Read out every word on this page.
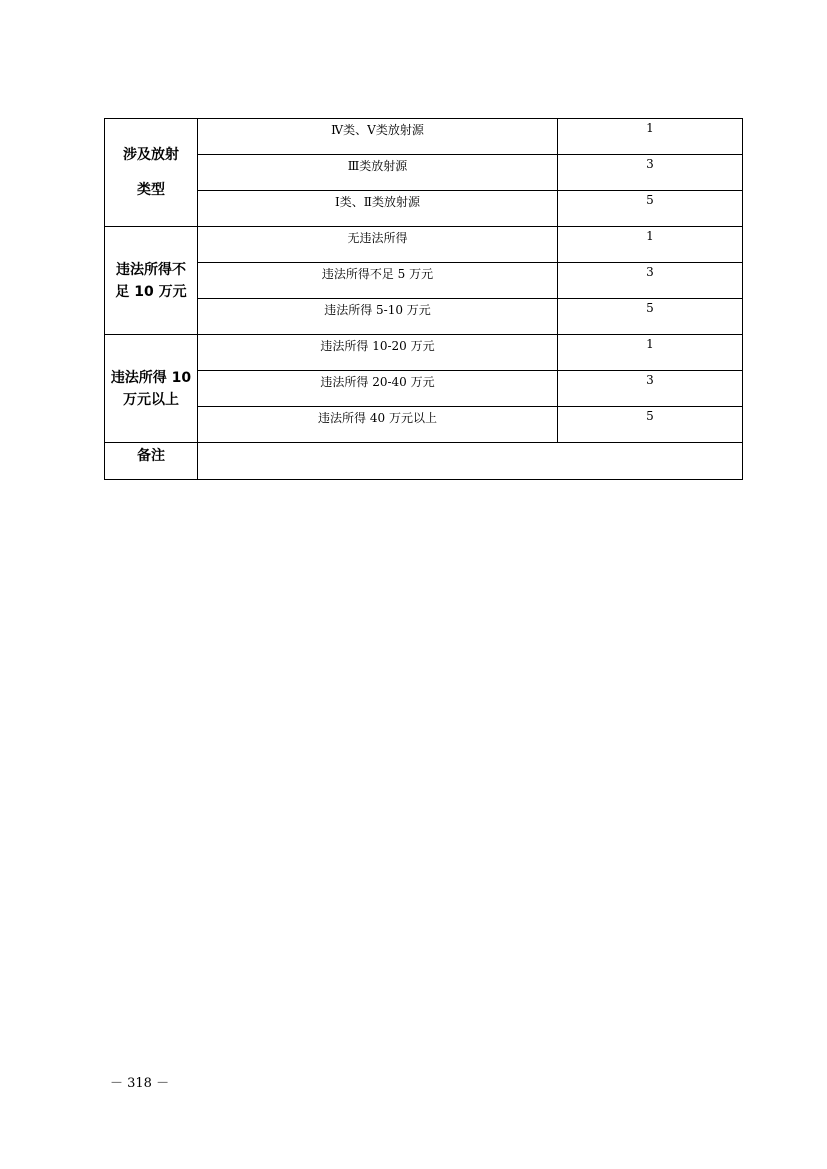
涉及放射
类型	Ⅳ类、Ⅴ类放射源	1
	Ⅲ类放射源	3
	Ⅰ类、Ⅱ类放射源	5

违法所得不
足 10 万元	无违法所得	1
	违法所得不足 5 万元	3
	违法所得 5-10 万元	5

违法所得 10
万元以上	违法所得 10-20 万元	1
	违法所得 20-40 万元	3
	违法所得 40 万元以上	5
备注		
－ 318 －
